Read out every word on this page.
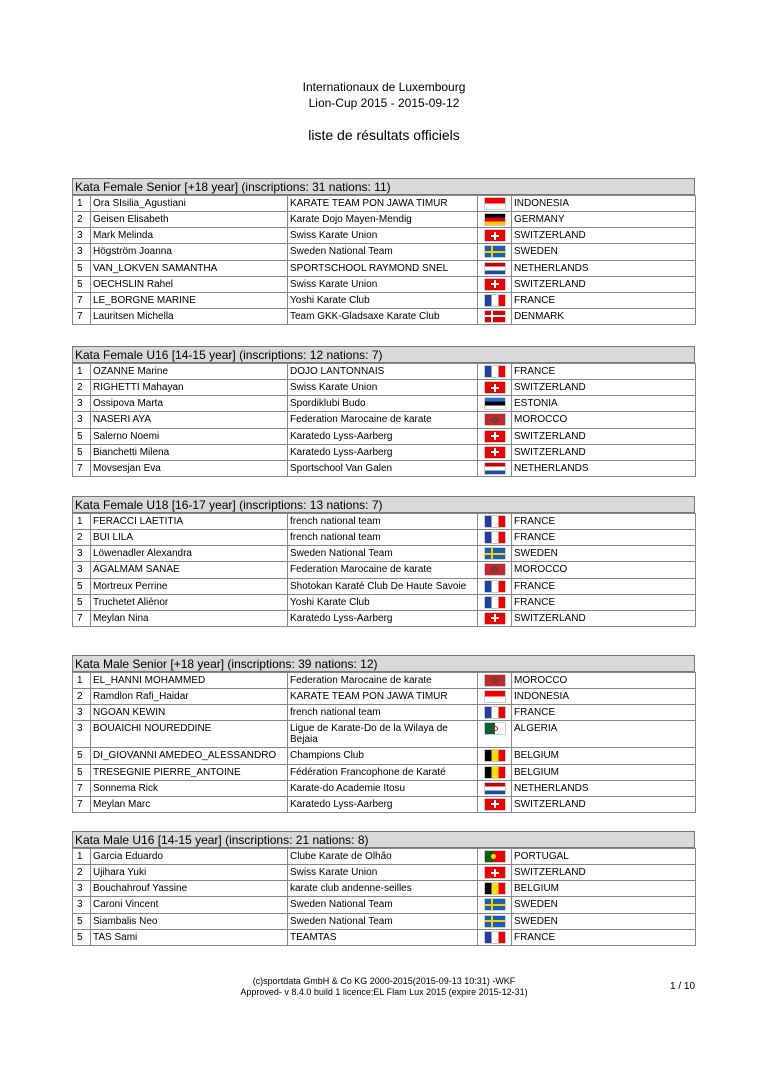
Internationaux de Luxembourg
Lion-Cup 2015 - 2015-09-12
liste de résultats officiels
Kata Female Senior [+18 year] (inscriptions: 31 nations: 11)
1	Ora SIsilia_Agustiani	KARATE TEAM PON JAWA TIMUR		INDONESIA
2	Geisen Elisabeth	Karate Dojo Mayen-Mendig		GERMANY
3	Mark Melinda	Swiss Karate Union		SWITZERLAND
3	Högström Joanna	Sweden National Team		SWEDEN
5	VAN_LOKVEN SAMANTHA	SPORTSCHOOL RAYMOND SNEL		NETHERLANDS
5	OECHSLIN Rahel	Swiss Karate Union		SWITZERLAND
7	LE_BORGNE MARINE	Yoshi Karate Club		FRANCE
7	Lauritsen Michella	Team GKK-Gladsaxe Karate Club		DENMARK
Kata Female U16 [14-15 year] (inscriptions: 12 nations: 7)
1	OZANNE Marine	DOJO LANTONNAIS		FRANCE
2	RIGHETTI Mahayan	Swiss Karate Union		SWITZERLAND
3	Ossipova Marta	Spordiklubi Budo		ESTONIA
3	NASERI AYA	Federation Marocaine de karate		MOROCCO
5	Salerno Noemi	Karatedo Lyss-Aarberg		SWITZERLAND
5	Bianchetti Milena	Karatedo Lyss-Aarberg		SWITZERLAND
7	Movsesjan Eva	Sportschool Van Galen		NETHERLANDS
Kata Female U18 [16-17 year] (inscriptions: 13 nations: 7)
1	FERACCI LAETITIA	french national team		FRANCE
2	BUI LILA	french national team		FRANCE
3	Löwenadler Alexandra	Sweden National Team		SWEDEN
3	AGALMAM SANAE	Federation Marocaine de karate		MOROCCO
5	Mortreux Perrine	Shotokan Karaté Club De Haute Savoie		FRANCE
5	Truchetet Aliénor	Yoshi Karate Club		FRANCE
7	Meylan Nina	Karatedo Lyss-Aarberg		SWITZERLAND
Kata Male Senior [+18 year] (inscriptions: 39 nations: 12)
1	EL_HANNI MOHAMMED	Federation Marocaine de karate		MOROCCO
2	Ramdlon Rafi_Haidar	KARATE TEAM PON JAWA TIMUR		INDONESIA
3	NGOAN KEWIN	french national team		FRANCE
3	BOUAICHI NOUREDDINE	Ligue de Karate-Do de la Wilaya de Bejaia		ALGERIA
5	DI_GIOVANNI AMEDEO_ALESSANDRO	Champions Club		BELGIUM
5	TRESEGNIE PIERRE_ANTOINE	Fédération Francophone de Karaté		BELGIUM
7	Sonnema Rick	Karate-do Academie Itosu		NETHERLANDS
7	Meylan Marc	Karatedo Lyss-Aarberg		SWITZERLAND
Kata Male U16 [14-15 year] (inscriptions: 21 nations: 8)
1	Garcia Eduardo	Clube Karate de Olhão		PORTUGAL
2	Ujihara Yuki	Swiss Karate Union		SWITZERLAND
3	Bouchahrouf Yassine	karate club andenne-seilles		BELGIUM
3	Caroni Vincent	Sweden National Team		SWEDEN
5	Siambalis Neo	Sweden National Team		SWEDEN
5	TAS Sami	TEAMTAS		FRANCE
(c)sportdata GmbH & Co KG 2000-2015(2015-09-13 10:31) -WKF
Approved- v 8.4.0 build 1 licence:EL Flam Lux 2015 (expire 2015-12-31)	1 / 10
